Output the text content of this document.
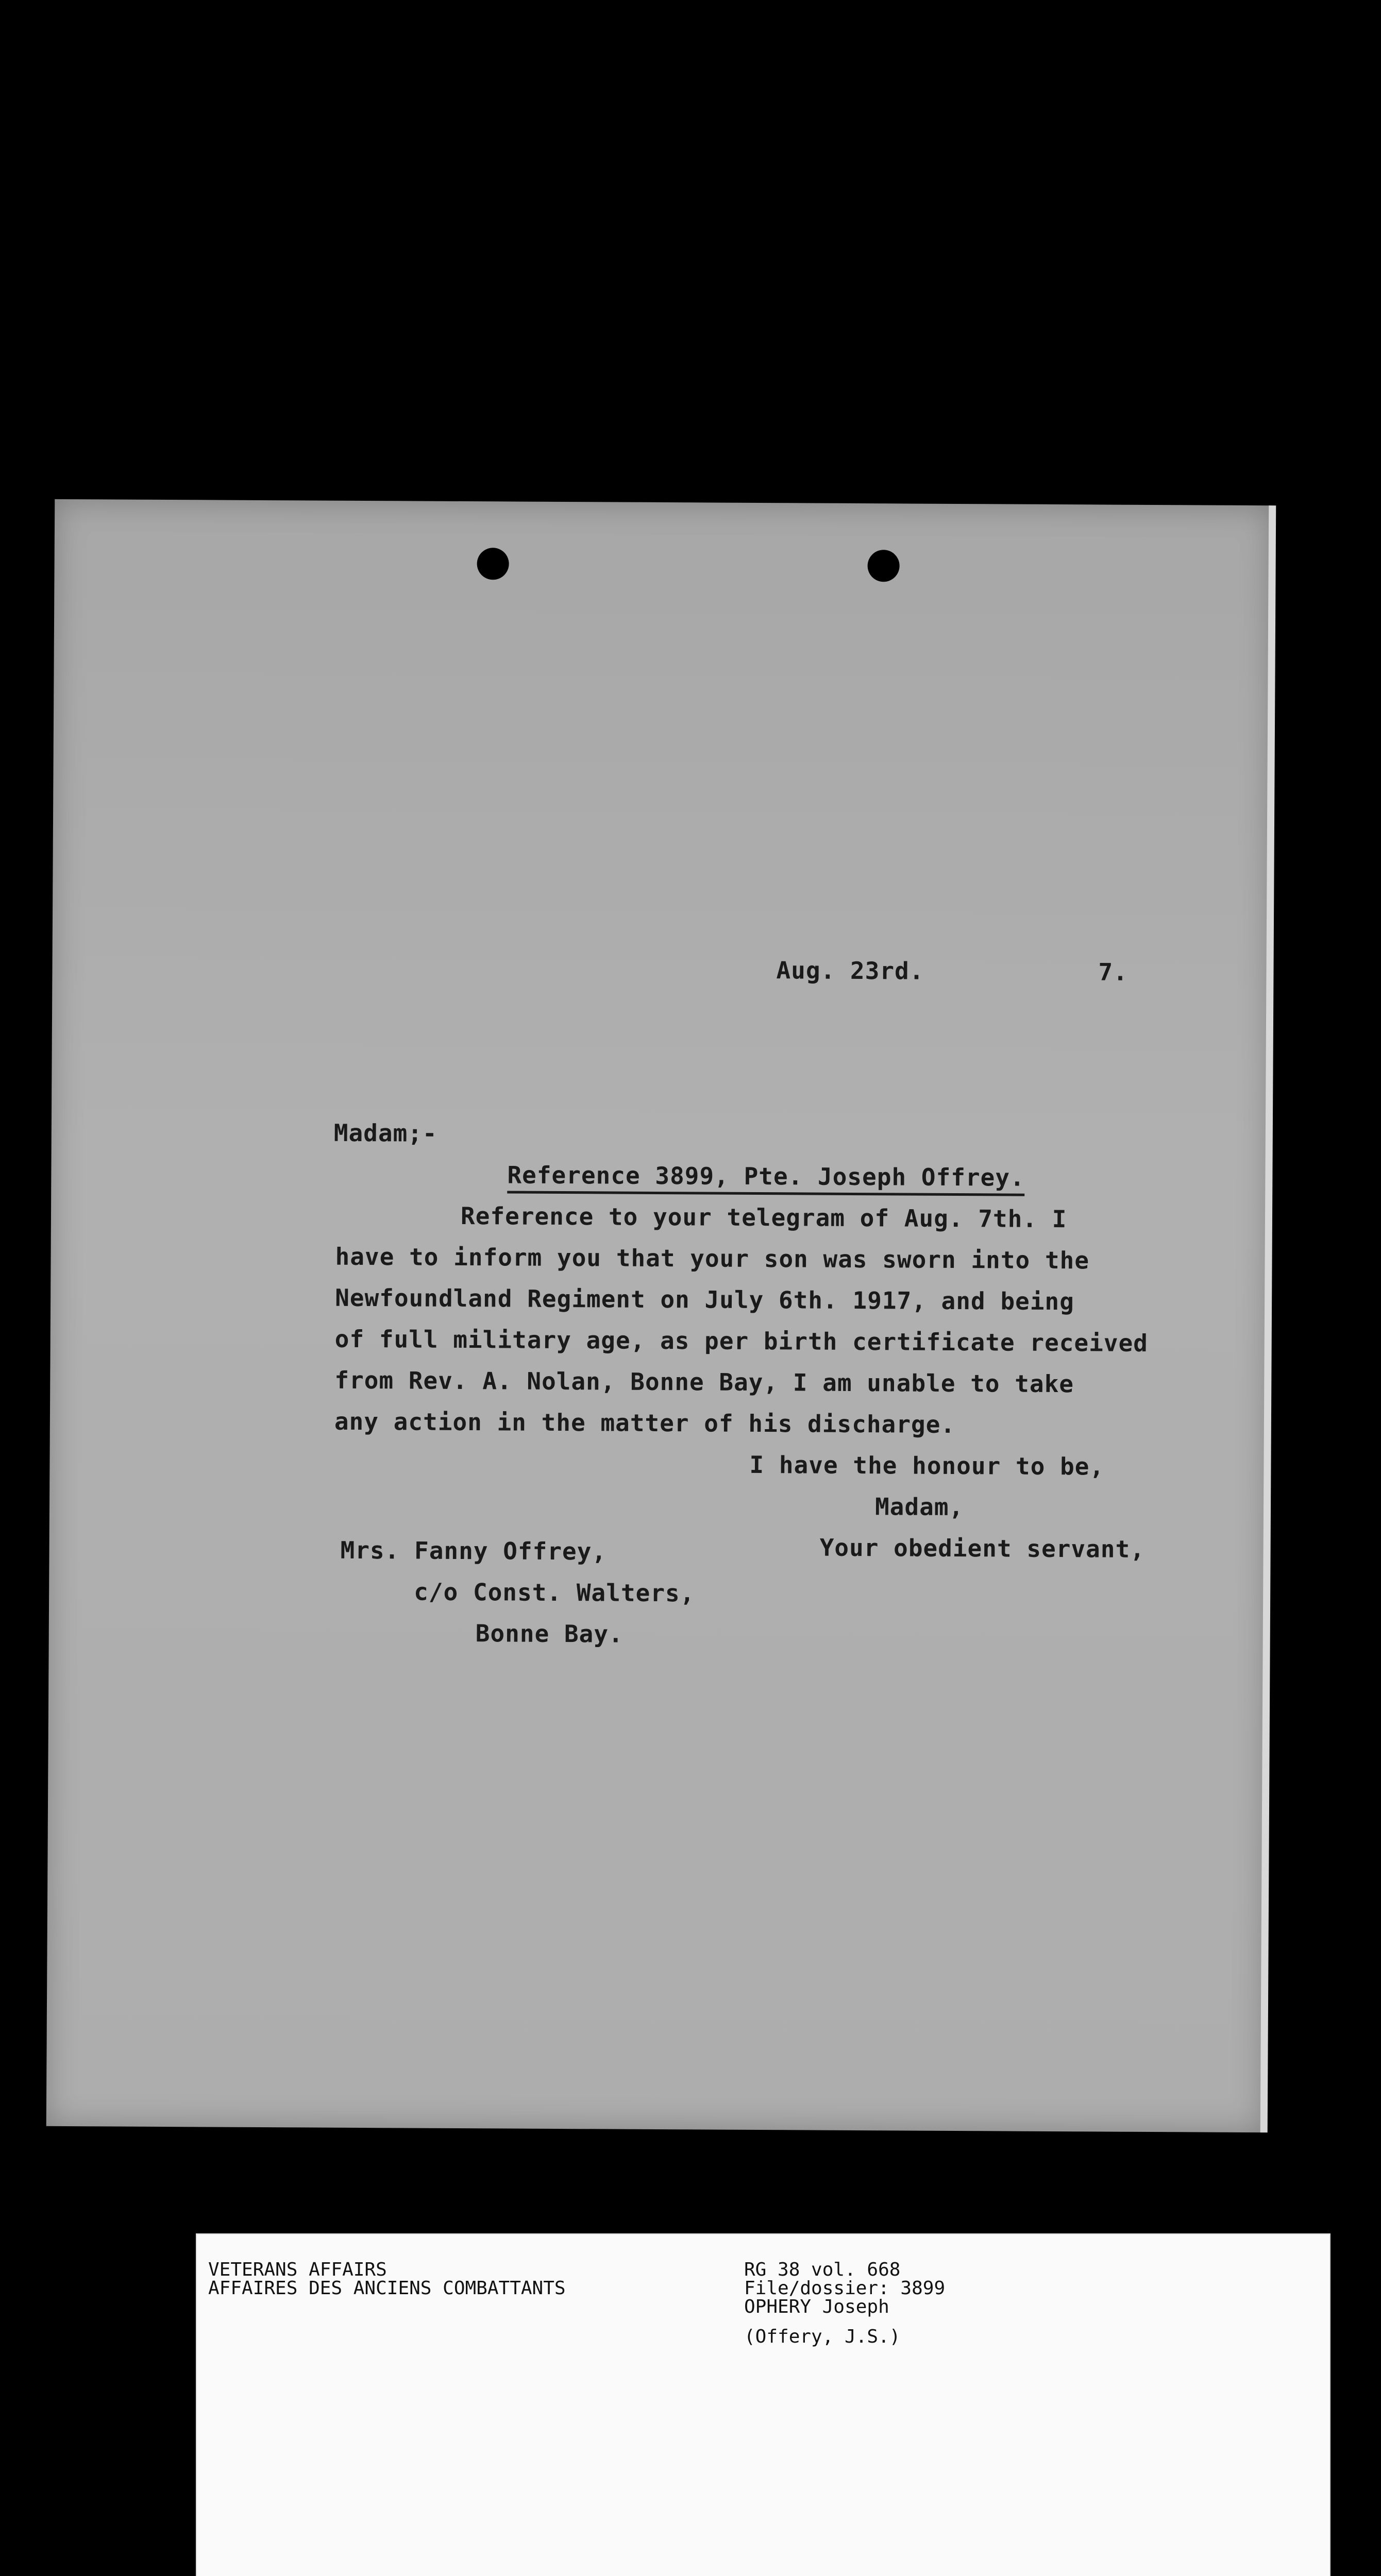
Aug. 23rd.	7.
Madam;-
Reference 3899, Pte. Joseph Offrey.
Reference to your telegram of Aug. 7th. I
have to inform you that your son was sworn into the
Newfoundland Regiment on July 6th. 1917, and being
of full military age, as per birth certificate received
from Rev. A. Nolan, Bonne Bay, I am unable to take
any action in the matter of his discharge.
I have the honour to be,
Madam,
Your obedient servant,
Mrs. Fanny Offrey,
c/o Const. Walters,
Bonne Bay.
VETERANS AFFAIRS
AFFAIRES DES ANCIENS COMBATTANTS
RG 38 vol. 668
File/dossier: 3899
OPHERY Joseph
(Offery, J.S.)
